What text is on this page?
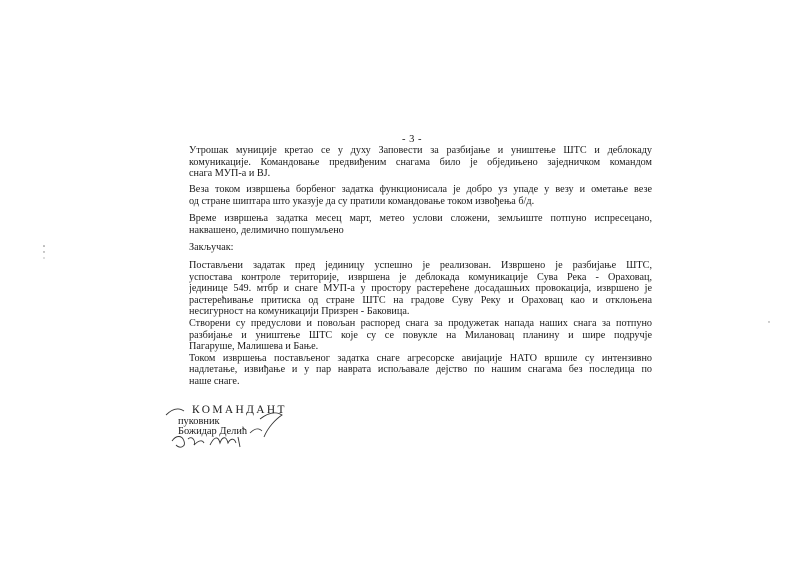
- 3 -
Утрошак муниције кретао се у духу Заповести за разбијање и уништење ШТС и деблокаду
комуникације. Командовање предвиђеним снагама било је обједињено заједничком командом
снага МУП-а и ВЈ.
Веза током извршења борбеног задатка функционисала је добро уз упаде у везу и ометање везе
од стране шиптара што указује да су пратили командовање током извођења б/д.
Време извршења задатка месец март, метео услови сложени, земљиште потпуно испресецано,
наквашено, делимично пошумљено
Закључак:
Постављени задатак пред јединицу успешно је реализован. Извршено је разбијање ШТС,
успостава контроле територије, извршена је деблокада комуникације Сува Река - Ораховац,
јединице 549. мтбр и снаге МУП-а у простору растерећене досадашњих провокација, извршено је
растерећивање притиска од стране ШТС на градове Суву Реку и Ораховац као и отклоњена
несигурност на комуникацији Призрен - Баковица.
Створени су предуслови и повољан распоред снага за продужетак напада наших снага за потпуно
разбијање и уништење ШТС које су се повукле на Милановац планину и шире подручје
Пагаруше, Малишева и Бање.
Током извршења постављеног задатка снаге агресорске авијације НАТО вршиле су интензивно
надлетање, извиђање и у пар наврата испољавале дејство по нашим снагама без последица по
наше снаге.
КОМАНДАНТ
пуковник
Божидар Делић
